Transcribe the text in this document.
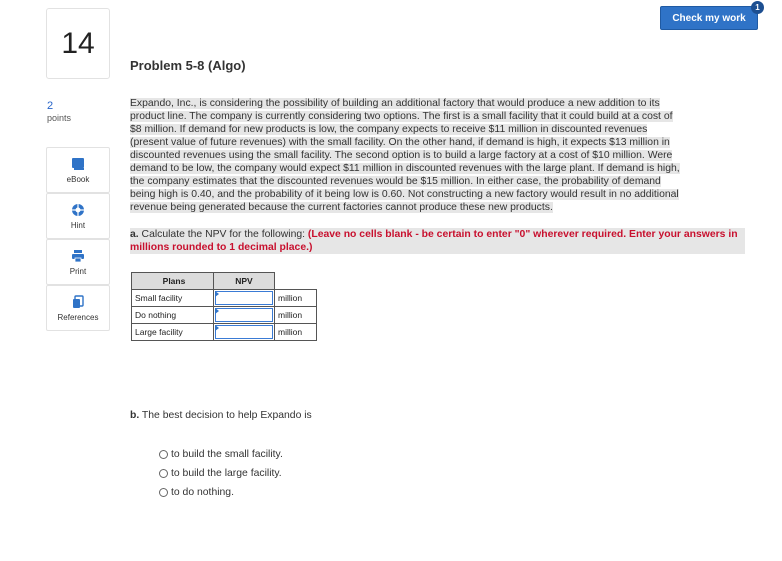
14
2
points
eBook
Hint
Print
References
Check my work
1
Problem 5-8 (Algo)
Expando, Inc., is considering the possibility of building an additional factory that would produce a new addition to its
product line. The company is currently considering two options. The first is a small facility that it could build at a cost of
$8 million. If demand for new products is low, the company expects to receive $11 million in discounted revenues
(present value of future revenues) with the small facility. On the other hand, if demand is high, it expects $13 million in
discounted revenues using the small facility. The second option is to build a large factory at a cost of $10 million. Were
demand to be low, the company would expect $11 million in discounted revenues with the large plant. If demand is high,
the company estimates that the discounted revenues would be $15 million. In either case, the probability of demand
being high is 0.40, and the probability of it being low is 0.60. Not constructing a new factory would result in no additional
revenue being generated because the current factories cannot produce these new products.
a. Calculate the NPV for the following: (Leave no cells blank - be certain to enter "0" wherever required. Enter your answers in millions rounded to 1 decimal place.)
Plans	NPV	
Small facility		million
Do nothing		million
Large facility		million
b. The best decision to help Expando is
to build the small facility.
to build the large facility.
to do nothing.
